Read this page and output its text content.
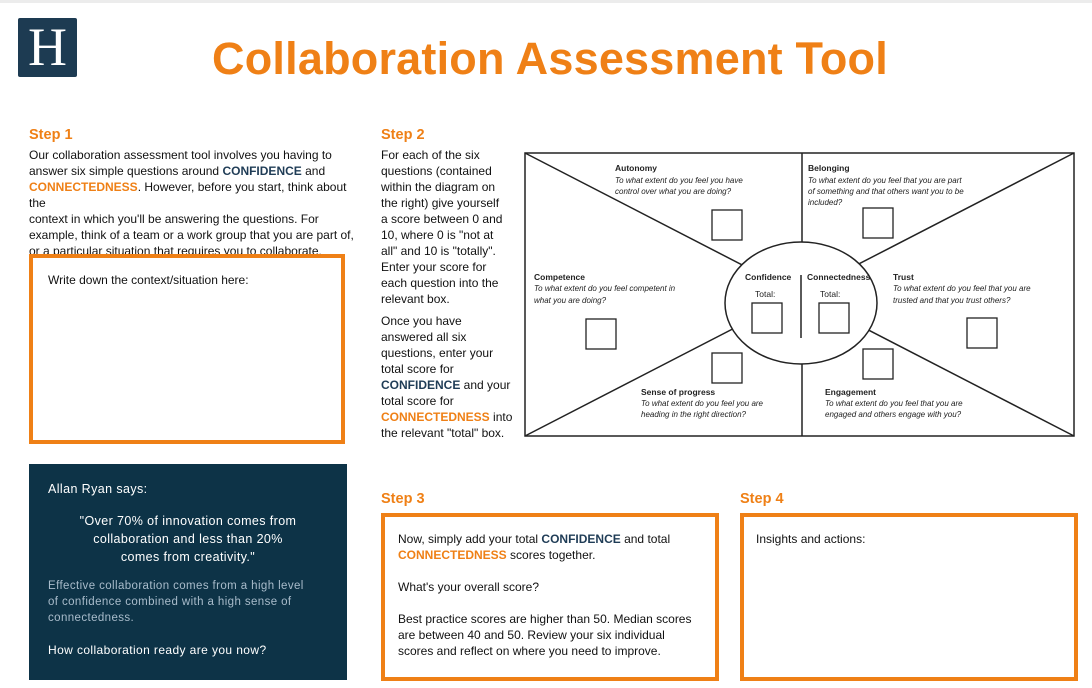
H	Collaboration Assessment Tool
Step 1
Our collaboration assessment tool involves you having to
answer six simple questions around CONFIDENCE and
CONNECTEDNESS. However, before you start, think about the
context in which you'll be answering the questions. For
example, think of a team or a work group that you are part of,
or a particular situation that requires you to collaborate.
Write down the context/situation here:
Step 2
For each of the six
questions (contained
within the diagram on
the right) give yourself
a score between 0 and
10, where 0 is "not at
all" and 10 is "totally".
Enter your score for
each question into the
relevant box.
Once you have
answered all six
questions, enter your
total score for
CONFIDENCE and your
total score for
CONNECTEDNESS into
the relevant "total" box.
Autonomy
To what extent do you feel you have
control over what you are doing?
Belonging
To what extent do you feel that you are part
of something and that others want you to be
included?
Competence
To what extent do you feel competent in
what you are doing?
Trust
To what extent do you feel that you are
trusted and that you trust others?
Confidence
Total:
Connectedness
Total:
Sense of progress
To what extent do you feel you are
heading in the right direction?
Engagement
To what extent do you feel that you are
engaged and others engage with you?
Allan Ryan says:
"Over 70% of innovation comes from
collaboration and less than 20%
comes from creativity."
Effective collaboration comes from a high level
of confidence combined with a high sense of
connectedness.
How collaboration ready are you now?
Step 3
Now, simply add your total CONFIDENCE and total
CONNECTEDNESS scores together.
What's your overall score?
Best practice scores are higher than 50. Median scores
are between 40 and 50. Review your six individual
scores and reflect on where you need to improve.
Step 4
Insights and actions:
